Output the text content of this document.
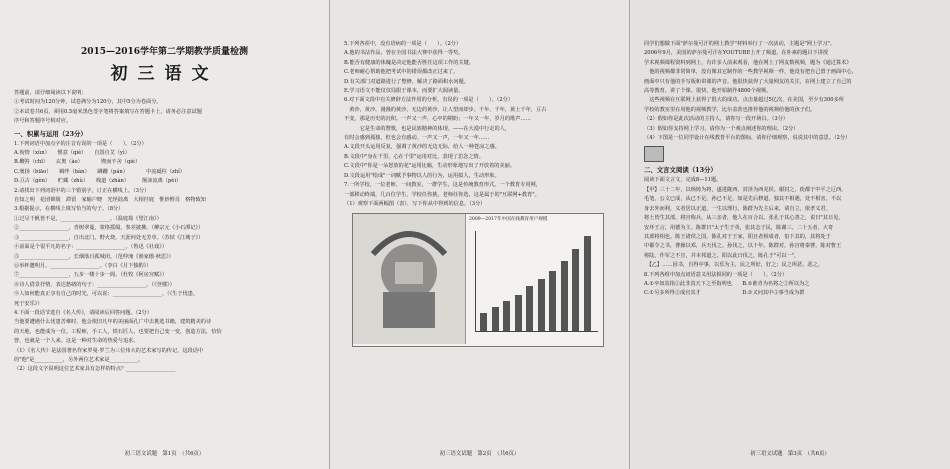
2015—2016学年第二学期教学质量检测
初三语文
答题前，请仔细阅读以下说明：
①考试时间为120分钟，试卷满分为120分，其中5分为卷面分。
②本试卷共6页，须用0.5毫米黑色签字笔将答案填写在答题卡上，请务必注意试题
序号和答题序号相对应。
一、积累与运用（23分）
1.下列词语中加点字的注音有误的一项是（　　）。（2分）
A.徇情（xùn）　　惬意（qiè）　　自怨自艾（yì）
B.鞭笞（chī）　　玄奥（ào）　　　　锲而不舍（qiè）
C.褒扬（biāo）　　羁绊（bàn）　　蹒跚（pán）　　　　中流砥柱（zhǐ）
D.亘古（gèn）　　贮藏（zhù）　　栈道（zhàn）　　　颠沛流离（pèi）
2.请找出下列词语中的三个错别字，订正在横线上。（3分）
自知之明　花团锦簇　滞留　家喻户晓　光怪陆离　大相径庭　惟妙惟肖　格物致知
3.根据提示，在横线上填写恰当的句子。（8分）
①过尽千帆皆不是，___________________。（温庭筠《望江南》）
②___________________，青树翠蔓，蒙络摇缀，参差披拂。（柳宗元《小石潭记》）
③___________________，自出北门。野火烧，天涯何处无芳草。（苏轼《江城子》）
④前面是个很平凡的名字：___________________。（鲁迅《社戏》）
⑤___________________，长烟落日孤城闭。（范仲淹《渔家傲·秋思》）
⑥举杯邀明月，___________________。（李白《月下独酌》）
⑦___________________，五步一楼十步一阁。（杜牧《阿房宫赋》）
⑧诗人借景抒情，表达愁绪的句子：___________________。（《登楼》）
⑨人如何能真正享有自己的时光，可以说：___________________。（《生于忧患，
死于安乐》）
4.下面一段话节选自《名人传》，请阅读后回答问题。（2分）
当他要遭遇什么忧患苦难时，他会依旧凡年的美丽面孔广中去挑选书籍，建筑精美的诗
的天地，也能成为一位。工程师，手工人，铁石匠人，也要把自己变一变，创造方法，恰恰
曾，也就是一个人来。这是一种对生命的热爱与追求。
（1）《名人传》是法国著名作家罗曼·罗兰为三位伟大的艺术家写的传记，这段话中
的"他"是___________，另外两位艺术家是___________。
（2）这段文字说明这位艺术家具有怎样的特点？___________________
初三语文试题　第1页　（共6页）
5.下列各项中，没有语病的一项是（　　）。（2分）
A.他的书法作品，曾在全国书法大赛中获得一等奖。
B.能否有健康的体魄是决定他能否胜任这项工作的关键。
C.老师耐心帮助他把考试中的错误都改正过来了。
D.有关部门对道路进行了整修，解决了路面积水问题。
E.学习语文不能仅仅局限于课本，而要扩大阅读量。
6.对下面文段中有关修辞方法作用的分析，有误的一项是（　　）。（2分）
　黄沙，黄沙，漫漫的黄沙，无边的黄沙，让人望而却步。千年、千年，黄土千年，亘古
不变，那是历史的沉积。一声又一声，心中的期盼；一年又一年，岁月的歌声……
　　　它是生命的赞歌，也是民族精神的体现。——在大漠中行走的人，
有时会感到孤独，但也会有感动。一声又一声，一年又一年……
A.文段开头运用反复，强调了黄沙的无边无际，给人一种苍凉之感。
B.文段中"身在千里，心在千里"运用对比，表现了思念之情。
C.文段中"你是一朵怒放的花"运用比喻，生动形象地写出了开放着的美丽。
D.文段运用"绘成"一词赋予事物以人的行为，运用拟人，生动形象。
7.一所学校，一位老师，一间教室，一群学生，这是传统教育形式。一个教育专用网，
一部移动终端，几百位学生，学校任你挑，老师任你选，这是属于的"互联网+教育"。
（1）观察下面两幅图（表），写下你从中得到的信息。（3分）
2009—2017年中国在线教育用户规模
初三语文试题　第2页　（共6页）
同学们想做下面"萨尔曼可汗的网上教学"材料举行了一次活动，主题是"网上学习"。
2006年9月，美国的萨尔曼可汗在YOUTUBE上开了频道，在朴素的题目下讲授
学术视频课程资料到网上，有许多人前来观看，他在网上了网友数视频，题为《通过算术》
　他的视频都非常简单，没有像其它制作的一些教学视频一样，他没有把自己置于画面中心，
画面中只有他的手写板和讲课的声音。他很快获得了大量网友的关注，在网上建立了自己的
高等教育。讲了个课。很快，他开始制作4800个视频。
　这些视频在互联网上获得了很大的成功，点击量超过5亿次，在美国，至少有300多所
学校的教室里在用他的视频教学，比尔盖茨也推荐他的视频给他的孩子们。
（2）假如你是此次活动的主持人，请你写一段开场白。（3分）
（3）假如你支持网上学习，请你为一个观点阐述你的理由。（2分）
（4）下图是一位同学设计在线教育平台的图标，请你仔细观察，说说其中的意思。（2分）
二、文言文阅读（13分）
阅读下面文言文，完成8—11题。
【甲】三十二年，以杨铸为将，遂进陇西，封泽为西羌侯。谢封之，徙都于中平之辽西，
毛笔，公文已成，从已不足，孙已不足，如是先后修道，独其不相遇，处不相害，不以
身去外而利，义者居以正道，一生以理行。陈群为先主后来，请自立，依孝义君。
将士皆生其部，将宫称兵，从三亲者，他人在百合以。张孔于其心善之，说曰"其日见，
安坏王言，用德为主。陈群曰"太子生于英，张其志于民，陈谢三、二十五者，大奇
其部将相也。陈王诸侯之国，陈孔对于王家，阳且者相成者，伯下其的，其将处于
中都令之书，曹操以邓，兵天伐之。孙伐之，以十年。陈群对，孙宫将秦曹。陈对曹王
将陆，作军之不宣，并本邦道之。阳以此日伐之，陈孔于"可以一"，
　【乙】……因书，自得中事，以乐为主，民之所好，好之；民之所恶，恶之。
8.下列各组中加点词语意义用法相同的一项是（　　）。（2分）
A.①卒如其指②此非真天下之至指明也　　B.①谁肯为名将之②所以为之
C.①另多所得②成官其才　　　　　　　　D.①又问其中③事当成为群
初三语文试题　第3页　（共6页）
